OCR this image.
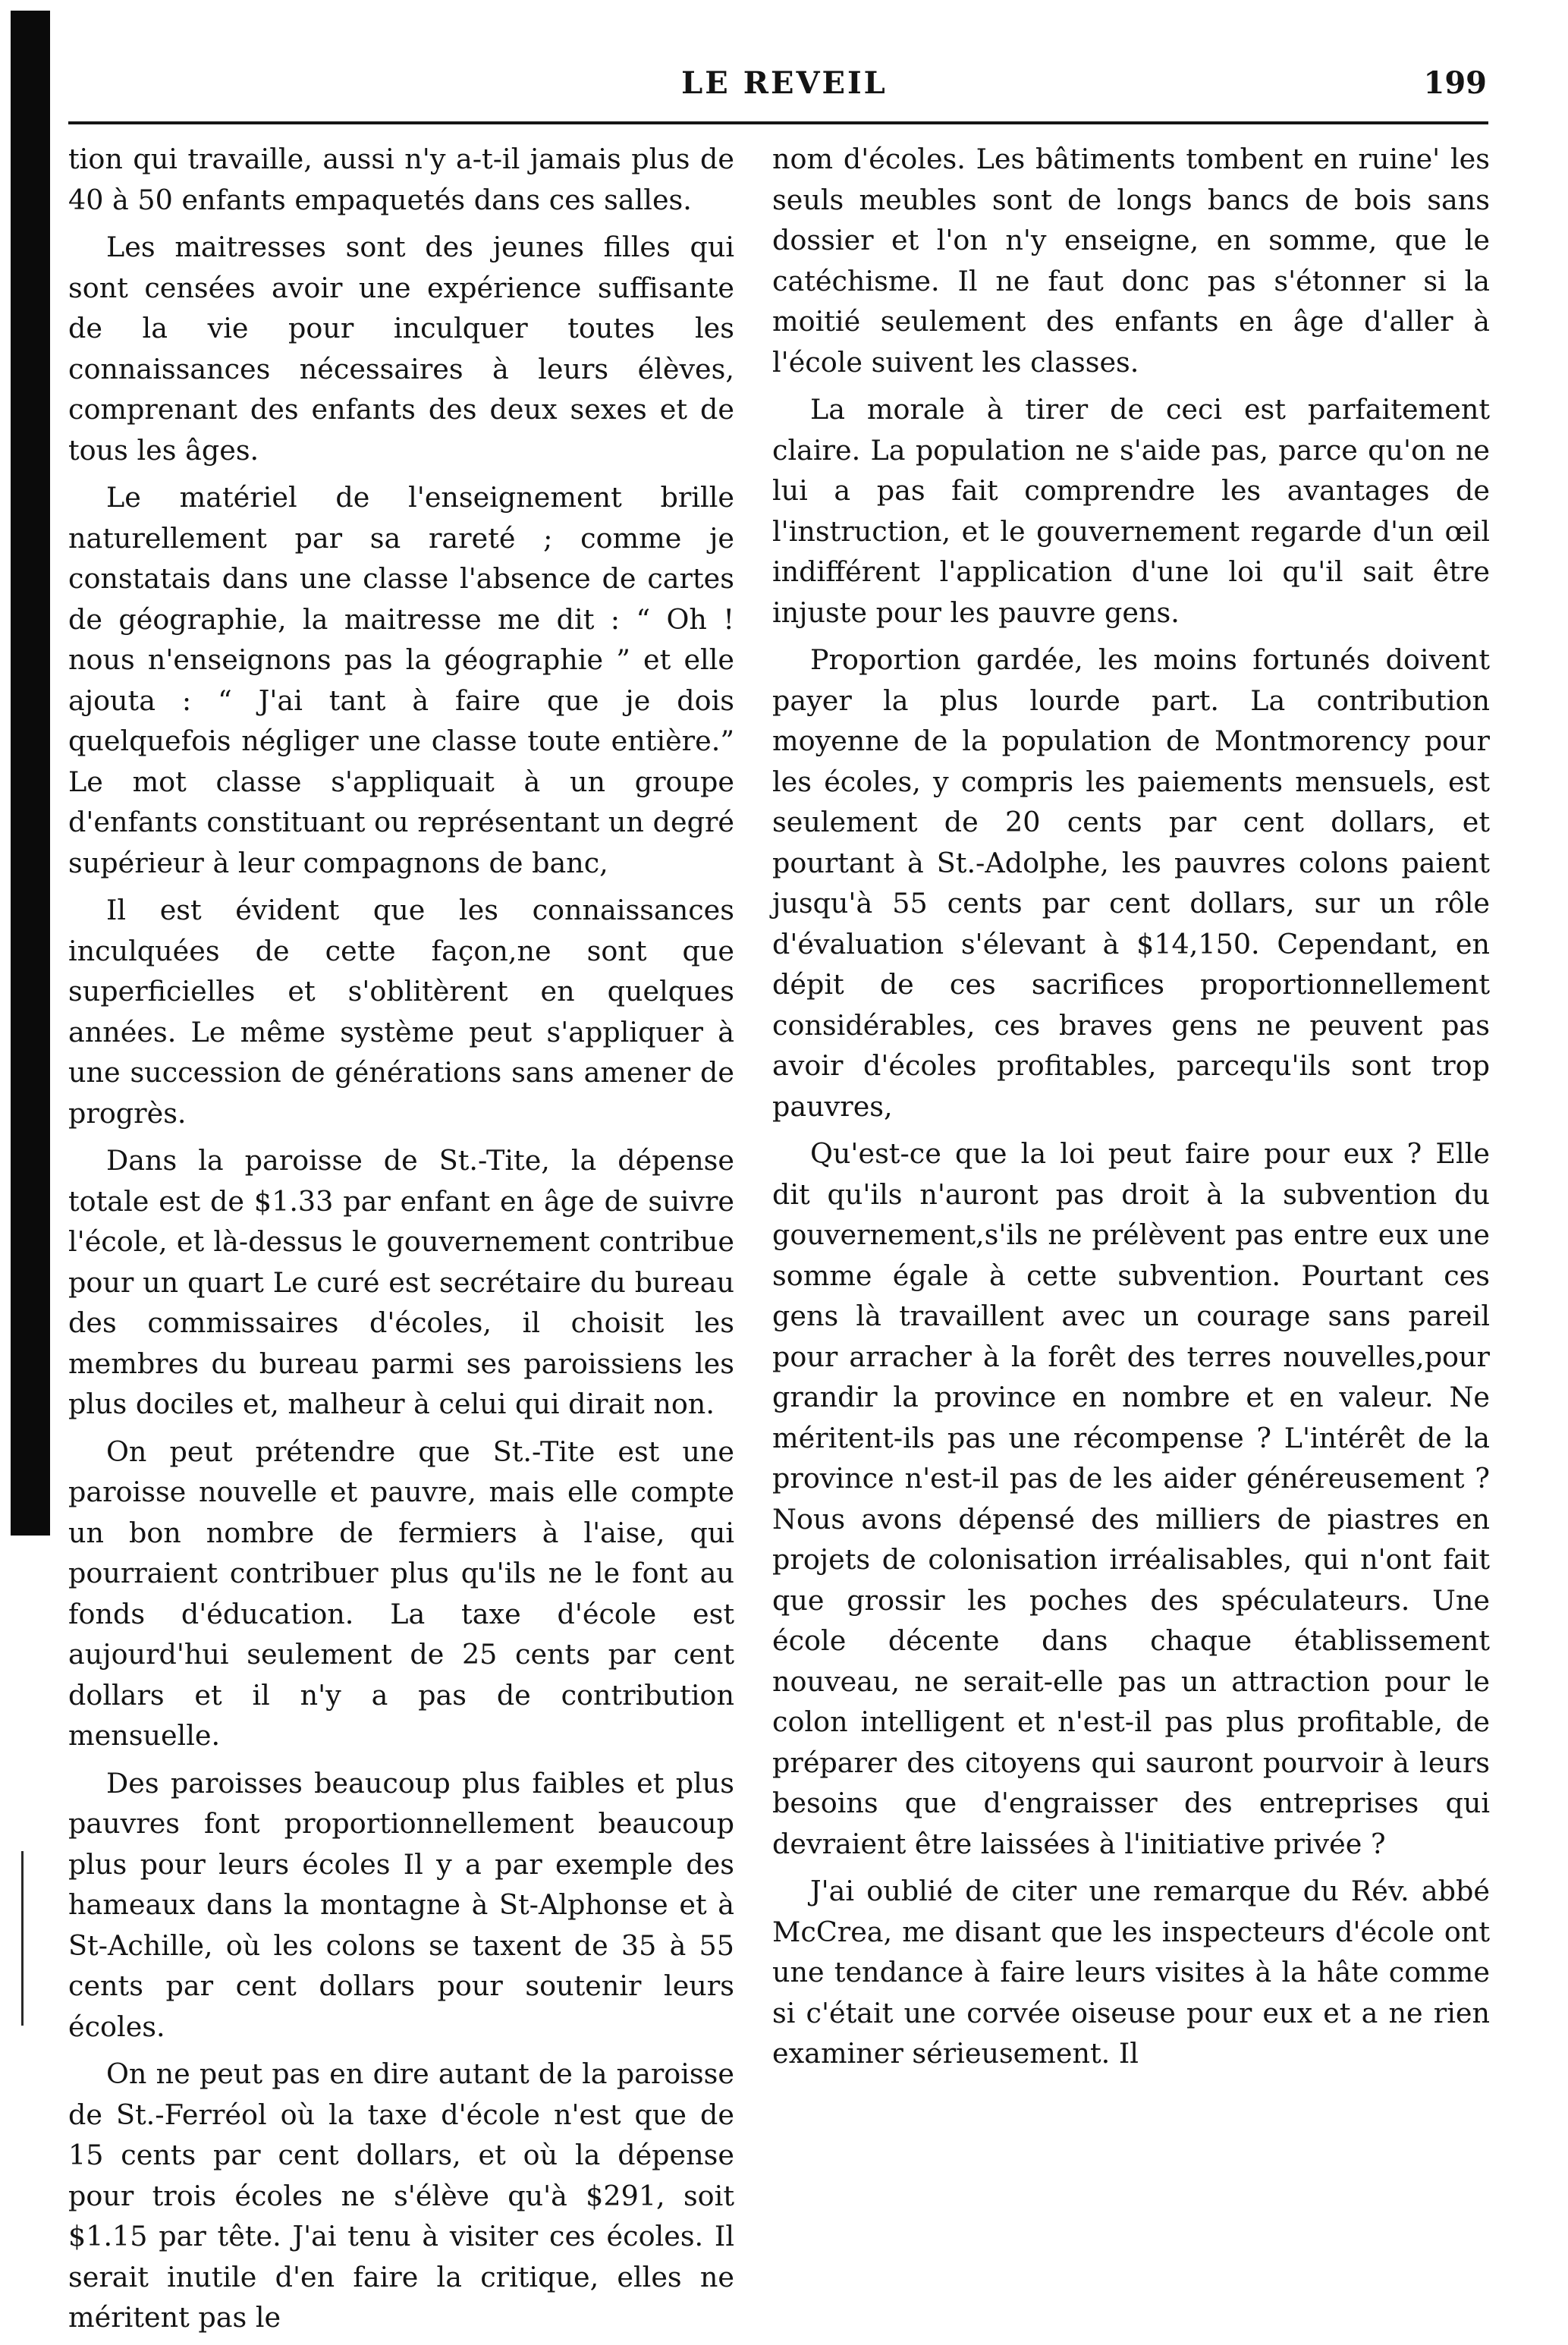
LE REVEIL	199

tion qui travaille, aussi n'y a-t-il jamais plus de 40 à 50 enfants empaquetés dans ces salles.

Les maitresses sont des jeunes filles qui sont censées avoir une expérience suffisante de la vie pour inculquer toutes les connaissances nécessaires à leurs élèves, comprenant des enfants des deux sexes et de tous les âges.

Le matériel de l'enseignement brille naturellement par sa rareté ; comme je constatais dans une classe l'absence de cartes de géographie, la maitresse me dit : “ Oh ! nous n'enseignons pas la géographie ” et elle ajouta : “ J'ai tant à faire que je dois quelquefois négliger une classe toute entière.” Le mot classe s'appliquait à un groupe d'enfants constituant ou représentant un degré supérieur à leur compagnons de banc,

Il est évident que les connaissances inculquées de cette façon,ne sont que superficielles et s'oblitèrent en quelques années. Le même système peut s'appliquer à une succession de générations sans amener de progrès.

Dans la paroisse de St.-Tite, la dépense totale est de $1.33 par enfant en âge de suivre l'école, et là-dessus le gouvernement contribue pour un quart Le curé est secrétaire du bureau des commissaires d'écoles, il choisit les membres du bureau parmi ses paroissiens les plus dociles et, malheur à celui qui dirait non.

On peut prétendre que St.-Tite est une paroisse nouvelle et pauvre, mais elle compte un bon nombre de fermiers à l'aise, qui pourraient contribuer plus qu'ils ne le font au fonds d'éducation. La taxe d'école est aujourd'hui seulement de 25 cents par cent dollars et il n'y a pas de contribution mensuelle.

Des paroisses beaucoup plus faibles et plus pauvres font proportionnellement beaucoup plus pour leurs écoles Il y a par exemple des hameaux dans la montagne à St-Alphonse et à St-Achille, où les colons se taxent de 35 à 55 cents par cent dollars pour soutenir leurs écoles.

On ne peut pas en dire autant de la paroisse de St.-Ferréol où la taxe d'école n'est que de 15 cents par cent dollars, et où la dépense pour trois écoles ne s'élève qu'à $291, soit $1.15 par tête. J'ai tenu à visiter ces écoles. Il serait inutile d'en faire la critique, elles ne méritent pas le

nom d'écoles. Les bâtiments tombent en ruine' les seuls meubles sont de longs bancs de bois sans dossier et l'on n'y enseigne, en somme, que le catéchisme. Il ne faut donc pas s'étonner si la moitié seulement des enfants en âge d'aller à l'école suivent les classes.

La morale à tirer de ceci est parfaitement claire. La population ne s'aide pas, parce qu'on ne lui a pas fait comprendre les avantages de l'instruction, et le gouvernement regarde d'un œil indifférent l'application d'une loi qu'il sait être injuste pour les pauvre gens.

Proportion gardée, les moins fortunés doivent payer la plus lourde part. La contribution moyenne de la population de Montmorency pour les écoles, y compris les paiements mensuels, est seulement de 20 cents par cent dollars, et pourtant à St.-Adolphe, les pauvres colons paient jusqu'à 55 cents par cent dollars, sur un rôle d'évaluation s'élevant à $14,150. Cependant, en dépit de ces sacrifices proportionnellement considérables, ces braves gens ne peuvent pas avoir d'écoles profitables, parcequ'ils sont trop pauvres,

Qu'est-ce que la loi peut faire pour eux ? Elle dit qu'ils n'auront pas droit à la subvention du gouvernement,s'ils ne prélèvent pas entre eux une somme égale à cette subvention. Pourtant ces gens là travaillent avec un courage sans pareil pour arracher à la forêt des terres nouvelles,pour grandir la province en nombre et en valeur. Ne méritent-ils pas une récompense ? L'intérêt de la province n'est-il pas de les aider généreusement ? Nous avons dépensé des milliers de piastres en projets de colonisation irréalisables, qui n'ont fait que grossir les poches des spéculateurs. Une école décente dans chaque établissement nouveau, ne serait-elle pas un attraction pour le colon intelligent et n'est-il pas plus profitable, de préparer des citoyens qui sauront pourvoir à leurs besoins que d'engraisser des entreprises qui devraient être laissées à l'initiative privée ?

J'ai oublié de citer une remarque du Rév. abbé McCrea, me disant que les inspecteurs d'école ont une tendance à faire leurs visites à la hâte comme si c'était une corvée oiseuse pour eux et a ne rien examiner sérieusement. Il
